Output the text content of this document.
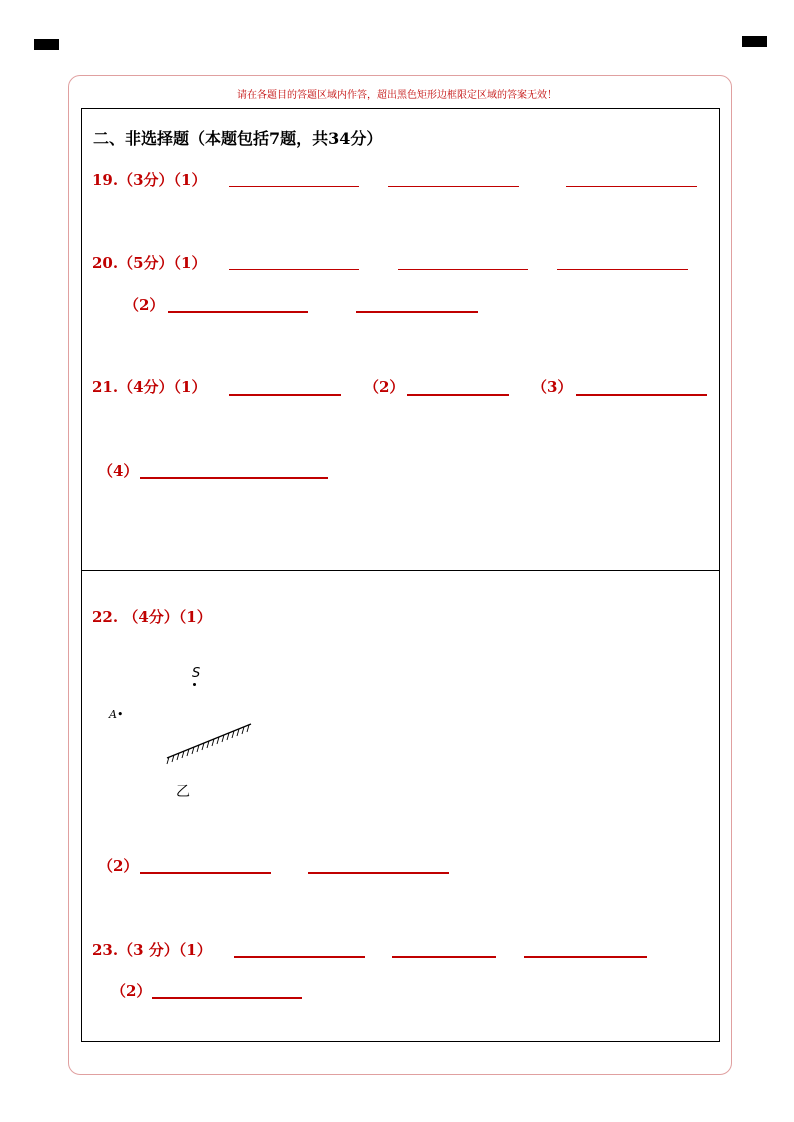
请在各题目的答题区域内作答，超出黑色矩形边框限定区域的答案无效！
二、非选择题（本题包括7题，共34分）
19.（3分）（1）
20.（5分）（1）
（2）
21.（4分）（1）	（2）	（3）
（4）
22. （4分）（1）
S
A•
乙
（2）
23.（3 分）（1）
（2）
